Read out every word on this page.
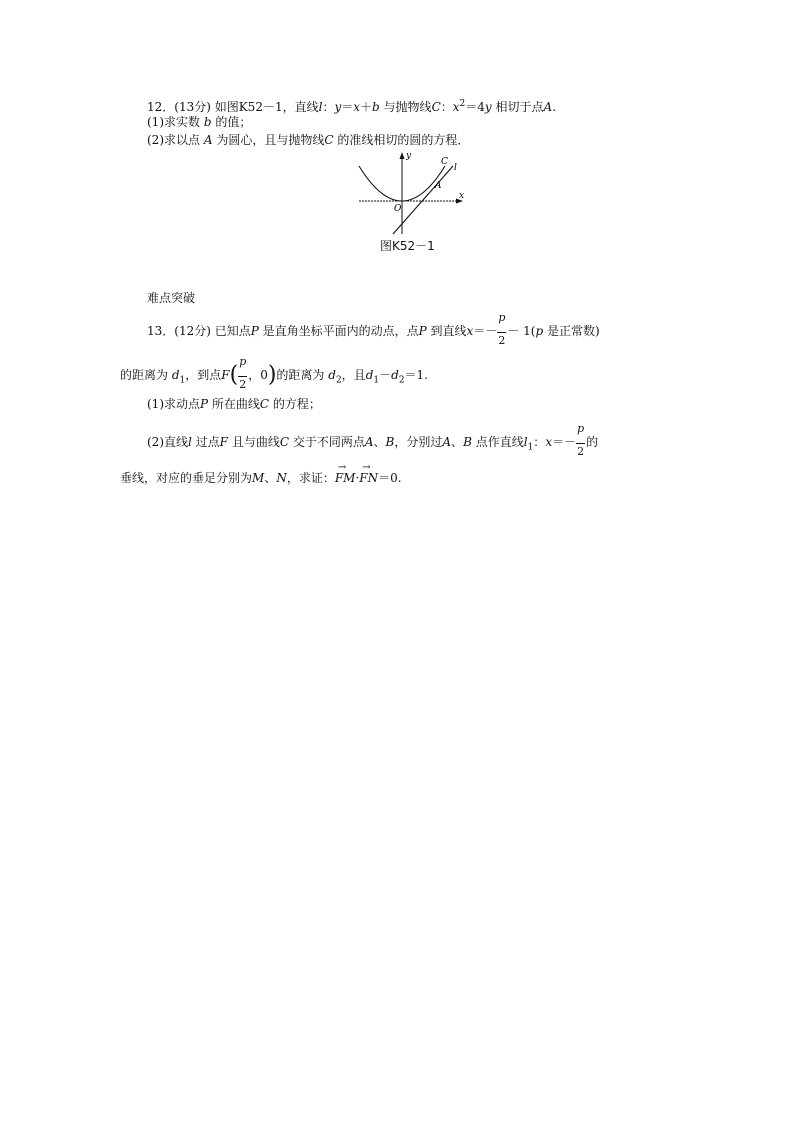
12．(13分) 如图K52－1，直线l：y＝x＋b 与抛物线C：$x^2=4y$ 相切于点A.
(1)求实数 b 的值；
(2)求以点 A 为圆心，且与抛物线C 的准线相切的圆的方程．
y
x
O
C
l
A
图K52－1
难点突破
13．(12分) 已知点P 是直角坐标平面内的动点，点P 到直线$x=- \frac{p}{2} - 1(p$ 是正常数)
的距离为 $d_1$，到点$F( \frac{p}{2}$ ，0)的距离为 $d_2$，且$d_1-d_2=1$.
(1)求动点P 所在曲线C 的方程；
(2)直线l 过点F 且与曲线C 交于不同两点A、B，分别过A、B 点作直线$l_1$：$x=- \frac{p}{2}$ 的
垂线，对应的垂足分别为M、N，求证：→ FM·→ FN＝0.
